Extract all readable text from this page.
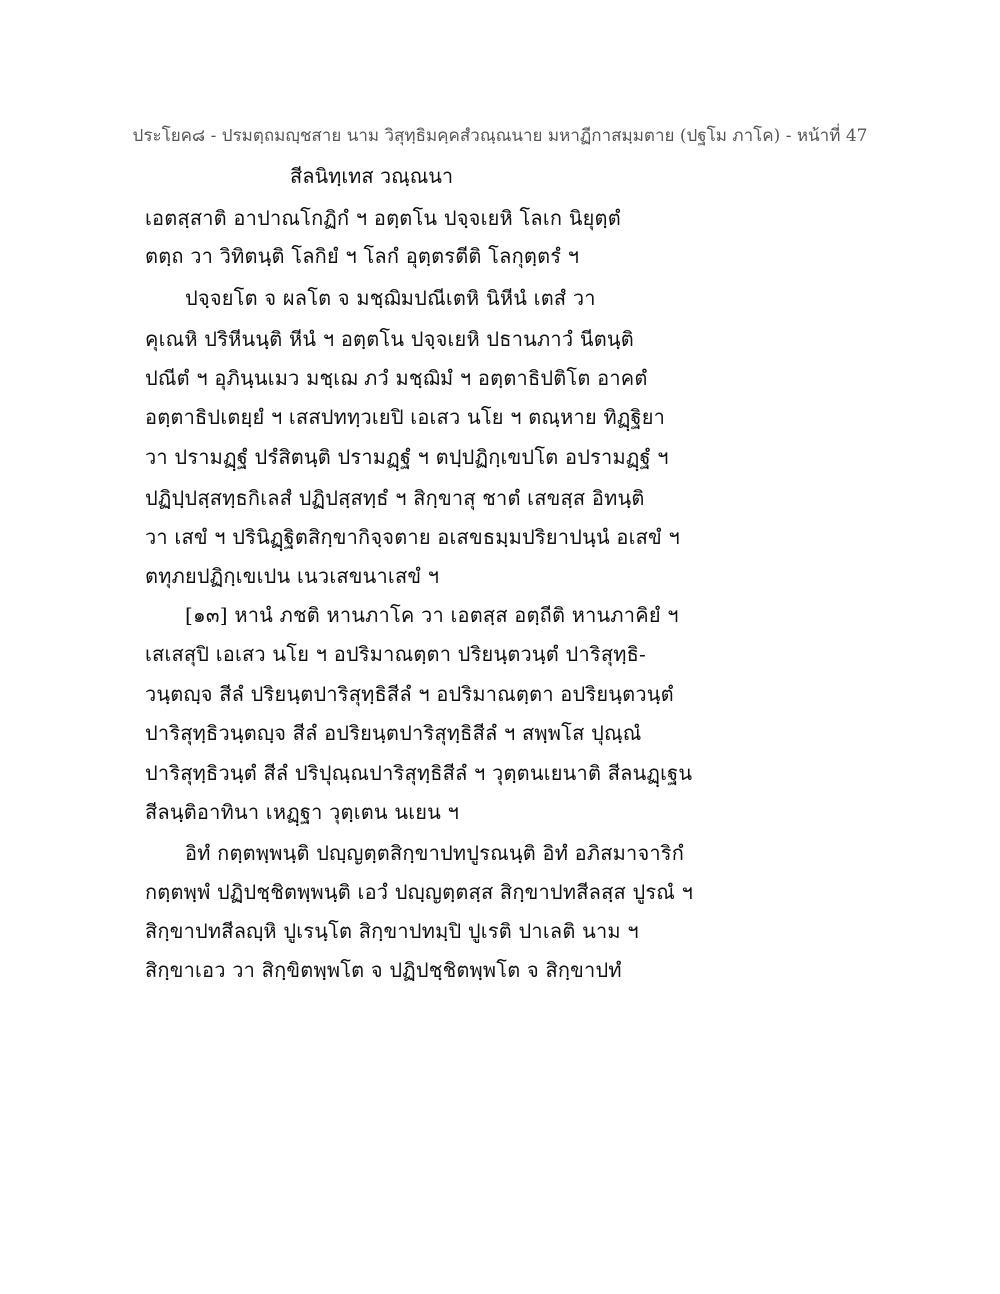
ประโยค๘ - ปรมตฺถมญฺชสาย นาม วิสุทฺธิมคฺคสํวณฺณนาย มหาฏีกาสมฺมตาย (ปฐโม ภาโค) - หน้าที่ 47
สีลนิทฺเทส วณฺณนา
เอตสฺสาติ อาปาณโกฏิกํ ฯ อตฺตโน ปจฺจเยหิ โลเก นิยุตฺตํ
ตตฺถ วา วิทิตนฺติ โลกิยํ ฯ โลกํ อุตฺตรตีติ โลกุตฺตรํ ฯ
ปจฺจยโต จ ผลโต จ มชฺฌิมปณีเตหิ นิหีนํ เตสํ วา
คุเณหิ ปริหีนนฺติ หีนํ ฯ อตฺตโน ปจฺจเยหิ ปธานภาวํ นีตนฺติ
ปณีตํ ฯ อุภินฺนเมว มชฺเฌ ภวํ มชฺฌิมํ ฯ อตฺตาธิปติโต อาคตํ
อตฺตาธิปเตยฺยํ ฯ เสสปททฺวเยปิ เอเสว นโย ฯ ตณฺหาย ทิฏฺฐิยา
วา ปรามฏฺฐํ ปรํสิตนฺติ ปรามฏฺฐํ ฯ ตปฺปฏิกฺเขปโต อปรามฏฺฐํ ฯ
ปฏิปฺปสฺสทฺธกิเลสํ ปฏิปสฺสทฺธํ ฯ สิกฺขาสุ ชาตํ เสขสฺส อิทนฺติ
วา เสขํ ฯ ปรินิฏฺฐิตสิกฺขากิจฺจตาย อเสขธมฺมปริยาปนฺนํ อเสขํ ฯ
ตทุภยปฏิกฺเขเปน เนวเสขนาเสขํ ฯ
[๑๓] หานํ ภชติ หานภาโค วา เอตสฺส อตฺถีติ หานภาคิยํ ฯ
เสเสสุปิ เอเสว นโย ฯ อปริมาณตฺตา ปริยนฺตวนฺตํ ปาริสุทฺธิ-
วนฺตญฺจ สีลํ ปริยนฺตปาริสุทฺธิสีลํ ฯ อปริมาณตฺตา อปริยนฺตวนฺตํ
ปาริสุทฺธิวนฺตญฺจ สีลํ อปริยนฺตปาริสุทฺธิสีลํ ฯ สพฺพโส ปุณฺณํ
ปาริสุทฺธิวนฺตํ สีลํ ปริปุณฺณปาริสุทฺธิสีลํ ฯ วุตฺตนเยนาติ สีลนฏฺเฐน
สีลนฺติอาทินา เหฏฺฐา วุตฺเตน นเยน ฯ
อิทํ กตฺตพฺพนฺติ ปญฺญตฺตสิกฺขาปทปูรณนฺติ อิทํ อภิสมาจาริกํ
กตฺตพฺพํ ปฏิปชฺชิตพฺพนฺติ เอวํ ปญฺญตฺตสฺส สิกฺขาปทสีลสฺส ปูรณํ ฯ
สิกฺขาปทสีลญฺหิ ปูเรนฺโต สิกฺขาปทมฺปิ ปูเรติ ปาเลติ นาม ฯ
สิกฺขาเอว วา สิกฺขิตพฺพโต จ ปฏิปชฺชิตพฺพโต จ สิกฺขาปทํ
